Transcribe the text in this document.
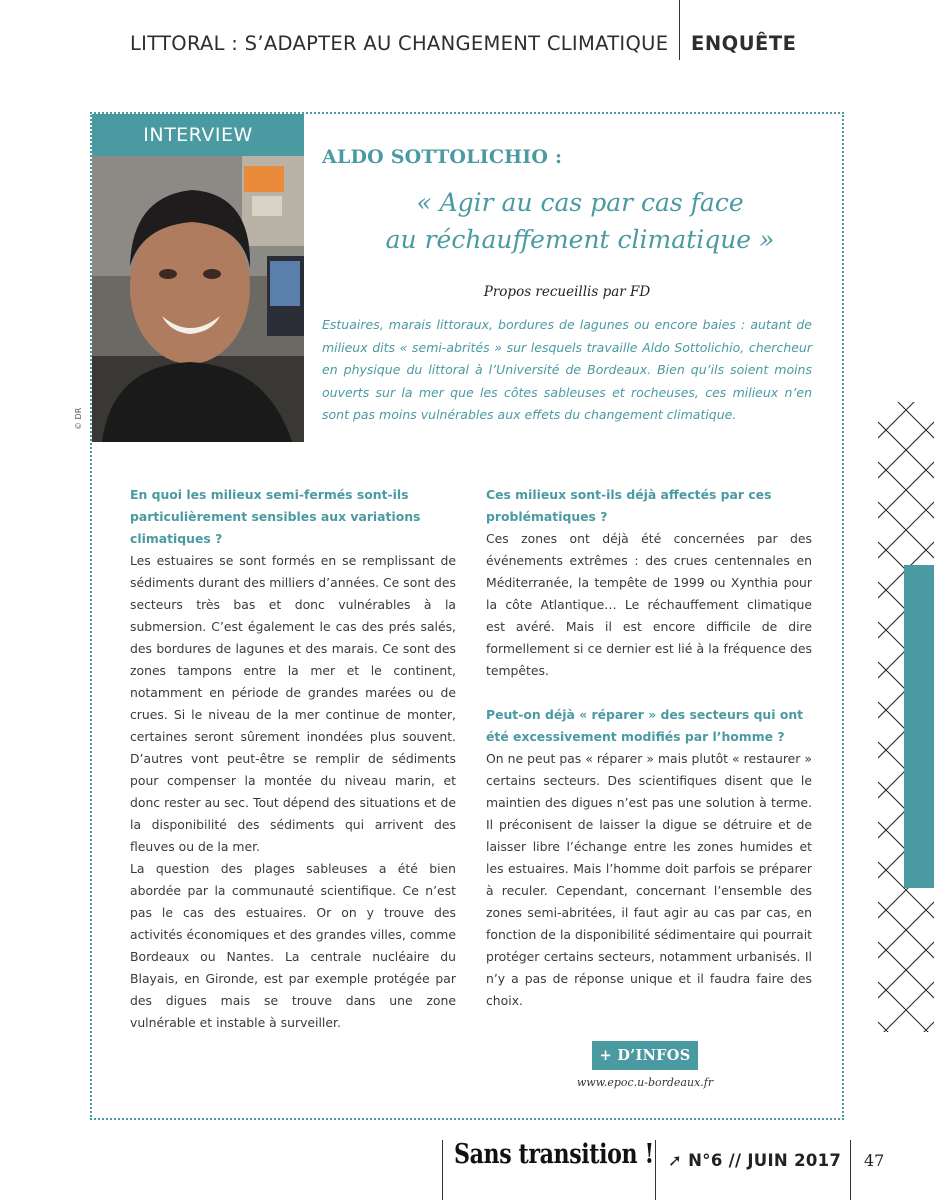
LITTORAL : S’ADAPTER AU CHANGEMENT CLIMATIQUE ENQUÊTE
INTERVIEW
© DR
ALDO SOTTOLICHIO :
« Agir au cas par cas face
au réchauffement climatique »
Propos recueillis par FD
Estuaires, marais littoraux, bordures de lagunes ou encore baies : autant de milieux dits « semi-abrités » sur lesquels travaille Aldo Sottolichio, chercheur en physique du littoral à l’Université de Bordeaux. Bien qu’ils soient moins ouverts sur la mer que les côtes sableuses et rocheuses, ces milieux n’en sont pas moins vulnérables aux effets du changement climatique.

En quoi les milieux semi-fermés sont-ils particulièrement sensibles aux variations climatiques ?

Les estuaires se sont formés en se remplissant de sédiments durant des milliers d’années. Ce sont des secteurs très bas et donc vulnérables à la submersion. C’est également le cas des prés salés, des bordures de lagunes et des marais. Ce sont des zones tampons entre la mer et le continent, notamment en période de grandes marées ou de crues. Si le niveau de la mer continue de monter, certaines seront sûrement inondées plus souvent. D’autres vont peut-être se remplir de sédiments pour compenser la montée du niveau marin, et donc rester au sec. Tout dépend des situations et de la disponibilité des sédiments qui arrivent des fleuves ou de la mer.

La question des plages sableuses a été bien abordée par la communauté scientifique. Ce n’est pas le cas des estuaires. Or on y trouve des activités économiques et des grandes villes, comme Bordeaux ou Nantes. La centrale nucléaire du Blayais, en Gironde, est par exemple protégée par des digues mais se trouve dans une zone vulnérable et instable à surveiller.

Ces milieux sont-ils déjà affectés par ces problématiques ?

Ces zones ont déjà été concernées par des événements extrêmes : des crues centennales en Méditerranée, la tempête de 1999 ou Xynthia pour la côte Atlantique… Le réchauffement climatique est avéré. Mais il est encore difficile de dire formellement si ce dernier est lié à la fréquence des tempêtes.

Peut-on déjà « réparer » des secteurs qui ont été excessivement modifiés par l’homme ?

On ne peut pas « réparer » mais plutôt « restaurer » certains secteurs. Des scientifiques disent que le maintien des digues n’est pas une solution à terme. Il préconisent de laisser la digue se détruire et de laisser libre l’échange entre les zones humides et les estuaires. Mais l’homme doit parfois se préparer à reculer. Cependant, concernant l’ensemble des zones semi-abritées, il faut agir au cas par cas, en fonction de la disponibilité sédimentaire qui pourrait protéger certains secteurs, notamment urbanisés. Il n’y a pas de réponse unique et il faudra faire des choix.

+ D’INFOS
www.epoc.u-bordeaux.fr
Sans transition ! ➚ N°6 // JUIN 2017 47
